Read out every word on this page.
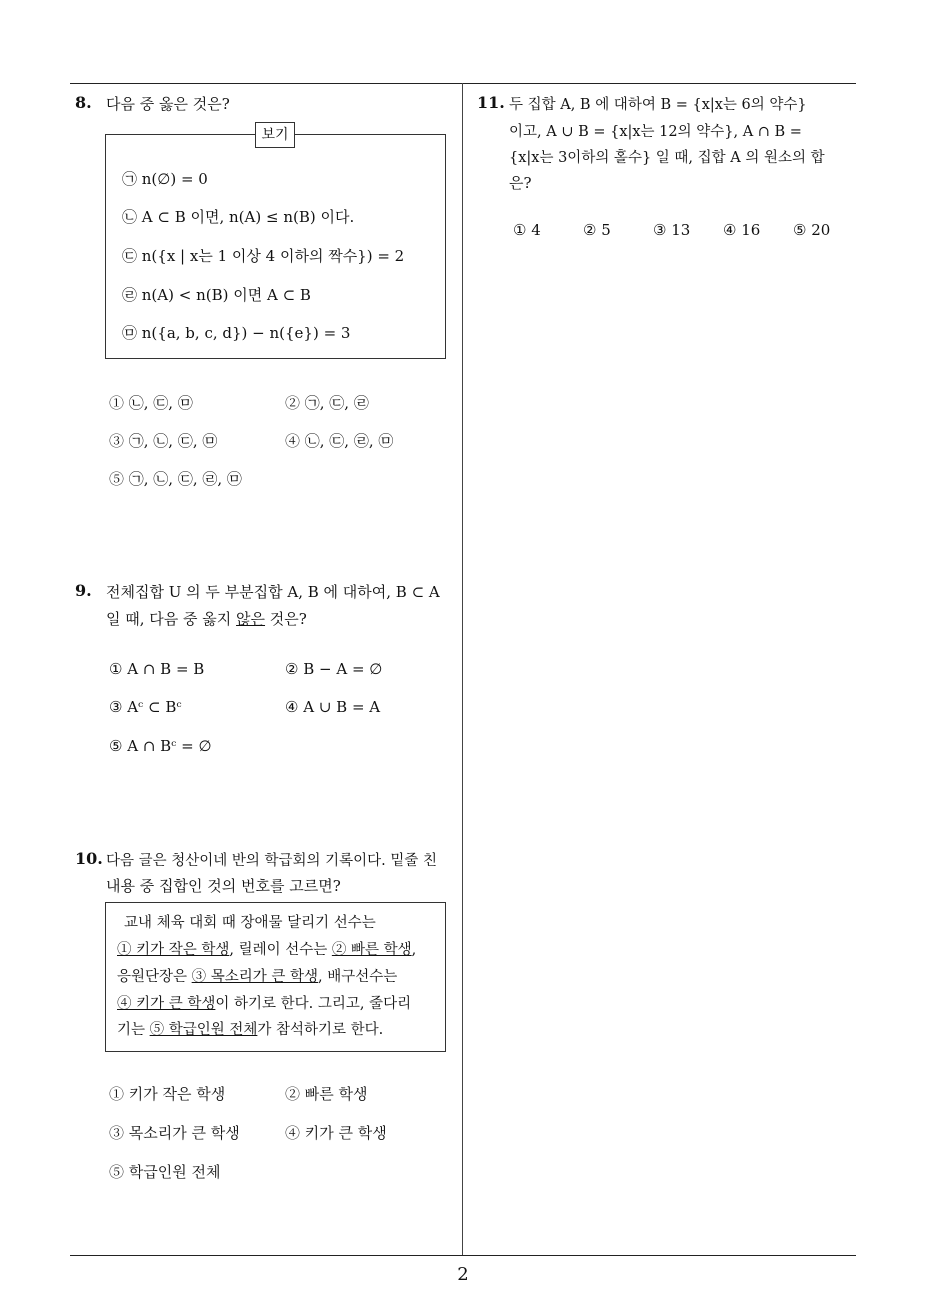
8. 다음 중 옳은 것은?
보기
㉠ n(∅) = 0
㉡ A ⊂ B 이면, n(A) ≤ n(B) 이다.
㉢ n({x | x는 1 이상 4 이하의 짝수}) = 2
㉣ n(A) < n(B) 이면 A ⊂ B
㉤ n({a, b, c, d}) − n({e}) = 3
① ㉡, ㉢, ㉤	② ㉠, ㉢, ㉣
③ ㉠, ㉡, ㉢, ㉤	④ ㉡, ㉢, ㉣, ㉤
⑤ ㉠, ㉡, ㉢, ㉣, ㉤
9. 전체집합 U 의 두 부분집합 A, B 에 대하여, B ⊂ A
일 때, 다음 중 옳지 않은 것은?
① A ∩ B = B	② B − A = ∅
③ Aᶜ ⊂ Bᶜ	④ A ∪ B = A
⑤ A ∩ Bᶜ = ∅
10. 다음 글은 청산이네 반의 학급회의 기록이다. 밑줄 친
내용 중 집합인 것의 번호를 고르면?
교내 체육 대회 때 장애물 달리기 선수는
① 키가 작은 학생, 릴레이 선수는 ② 빠른 학생,
응원단장은 ③ 목소리가 큰 학생, 배구선수는
④ 키가 큰 학생이 하기로 한다. 그리고, 줄다리
기는 ⑤ 학급인원 전체가 참석하기로 한다.
① 키가 작은 학생	② 빠른 학생
③ 목소리가 큰 학생	④ 키가 큰 학생
⑤ 학급인원 전체
11. 두 집합 A, B 에 대하여 B = {x|x는 6의 약수}
이고, A ∪ B = {x|x는 12의 약수}, A ∩ B =
{x|x는 3이하의 홀수} 일 때, 집합 A 의 원소의 합
은?
① 4	② 5	③ 13 ④ 16 ⑤ 20
2
